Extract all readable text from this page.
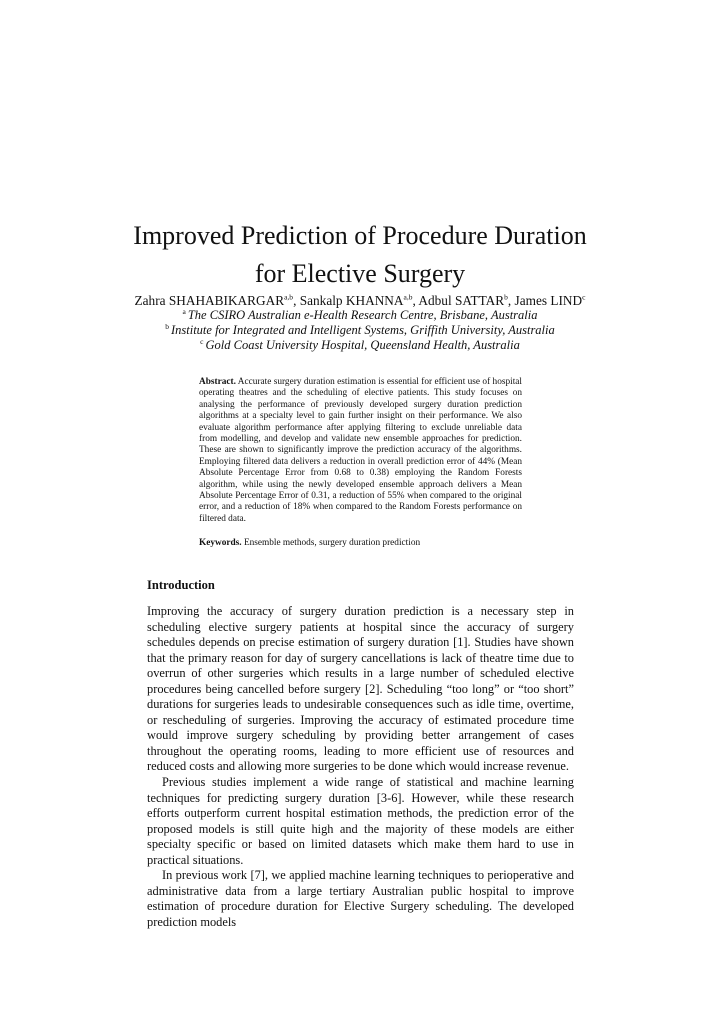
Improved Prediction of Procedure Duration
for Elective Surgery
Zahra SHAHABIKARGAR$^{a,b}$, Sankalp KHANNA$^{a,b}$, Adbul SATTAR$^b$, James LIND$^c$
$^a$ The CSIRO Australian e-Health Research Centre, Brisbane, Australia
$^b$ Institute for Integrated and Intelligent Systems, Griffith University, Australia
$^c$ Gold Coast University Hospital, Queensland Health, Australia

Abstract. Accurate surgery duration estimation is essential for efficient use of hospital operating theatres and the scheduling of elective patients. This study focuses on analysing the performance of previously developed surgery duration prediction algorithms at a specialty level to gain further insight on their performance. We also evaluate algorithm performance after applying filtering to exclude unreliable data from modelling, and develop and validate new ensemble approaches for prediction. These are shown to significantly improve the prediction accuracy of the algorithms. Employing filtered data delivers a reduction in overall prediction error of 44% (Mean Absolute Percentage Error from 0.68 to 0.38) employing the Random Forests algorithm, while using the newly developed ensemble approach delivers a Mean Absolute Percentage Error of 0.31, a reduction of 55% when compared to the original error, and a reduction of 18% when compared to the Random Forests performance on filtered data.

Keywords. Ensemble methods, surgery duration prediction

Introduction

Improving the accuracy of surgery duration prediction is a necessary step in scheduling elective surgery patients at hospital since the accuracy of surgery schedules depends on precise estimation of surgery duration [1]. Studies have shown that the primary reason for day of surgery cancellations is lack of theatre time due to overrun of other surgeries which results in a large number of scheduled elective procedures being cancelled before surgery [2]. Scheduling “too long” or “too short” durations for surgeries leads to undesirable consequences such as idle time, overtime, or rescheduling of surgeries. Improving the accuracy of estimated procedure time would improve surgery scheduling by providing better arrangement of cases throughout the operating rooms, leading to more efficient use of resources and reduced costs and allowing more surgeries to be done which would increase revenue.

Previous studies implement a wide range of statistical and machine learning techniques for predicting surgery duration [3-6]. However, while these research efforts outperform current hospital estimation methods, the prediction error of the proposed models is still quite high and the majority of these models are either specialty specific or based on limited datasets which make them hard to use in practical situations.

In previous work [7], we applied machine learning techniques to perioperative and administrative data from a large tertiary Australian public hospital to improve estimation of procedure duration for Elective Surgery scheduling. The developed prediction models
